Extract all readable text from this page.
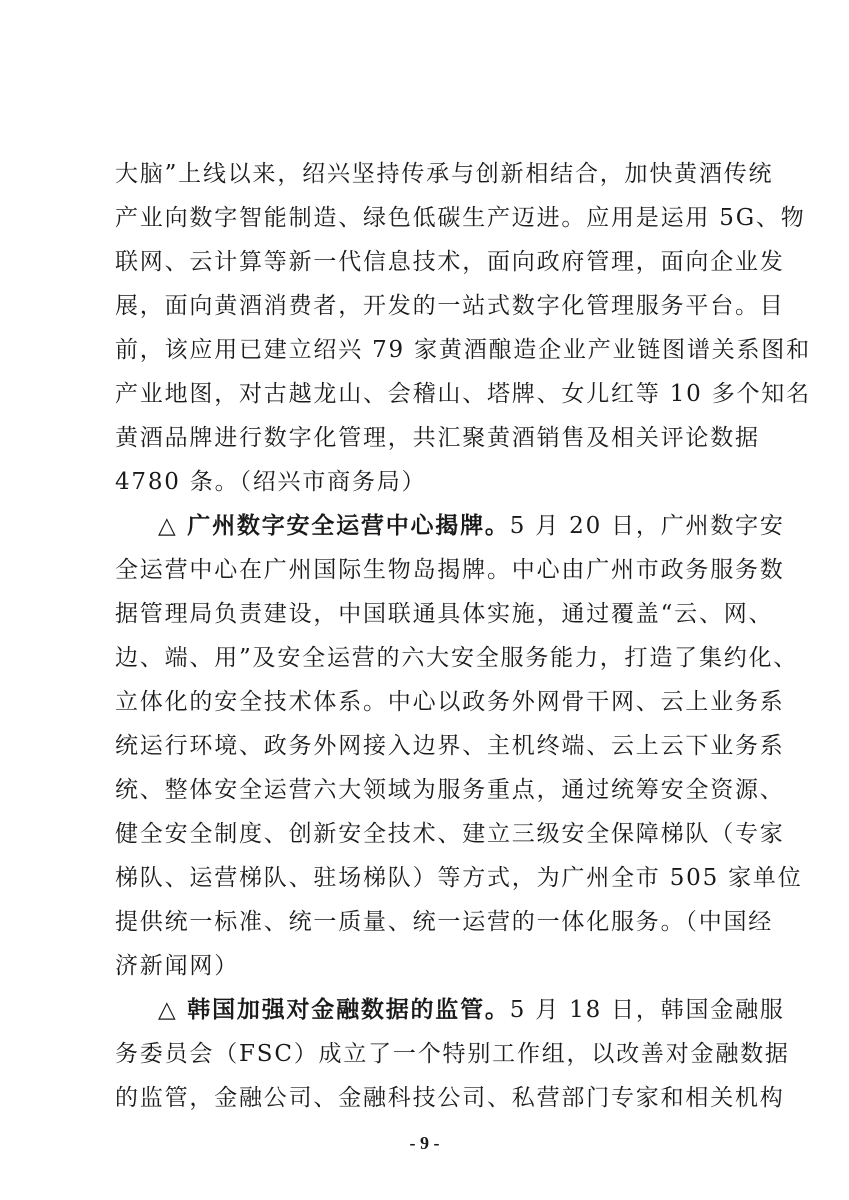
大脑”上线以来，绍兴坚持传承与创新相结合，加快黄酒传统
产业向数字智能制造、绿色低碳生产迈进。应用是运用 5G、物
联网、云计算等新一代信息技术，面向政府管理，面向企业发
展，面向黄酒消费者，开发的一站式数字化管理服务平台。目
前，该应用已建立绍兴 79 家黄酒酿造企业产业链图谱关系图和
产业地图，对古越龙山、会稽山、塔牌、女儿红等 10 多个知名
黄酒品牌进行数字化管理，共汇聚黄酒销售及相关评论数据
4780 条。（绍兴市商务局）
△ 广州数字安全运营中心揭牌。5 月 20 日，广州数字安
全运营中心在广州国际生物岛揭牌。中心由广州市政务服务数
据管理局负责建设，中国联通具体实施，通过覆盖“云、网、
边、端、用”及安全运营的六大安全服务能力，打造了集约化、
立体化的安全技术体系。中心以政务外网骨干网、云上业务系
统运行环境、政务外网接入边界、主机终端、云上云下业务系
统、整体安全运营六大领域为服务重点，通过统筹安全资源、
健全安全制度、创新安全技术、建立三级安全保障梯队（专家
梯队、运营梯队、驻场梯队）等方式，为广州全市 505 家单位
提供统一标准、统一质量、统一运营的一体化服务。（中国经
济新闻网）
△ 韩国加强对金融数据的监管。5 月 18 日，韩国金融服
务委员会（FSC）成立了一个特别工作组，以改善对金融数据
的监管，金融公司、金融科技公司、私营部门专家和相关机构
- 9 -
